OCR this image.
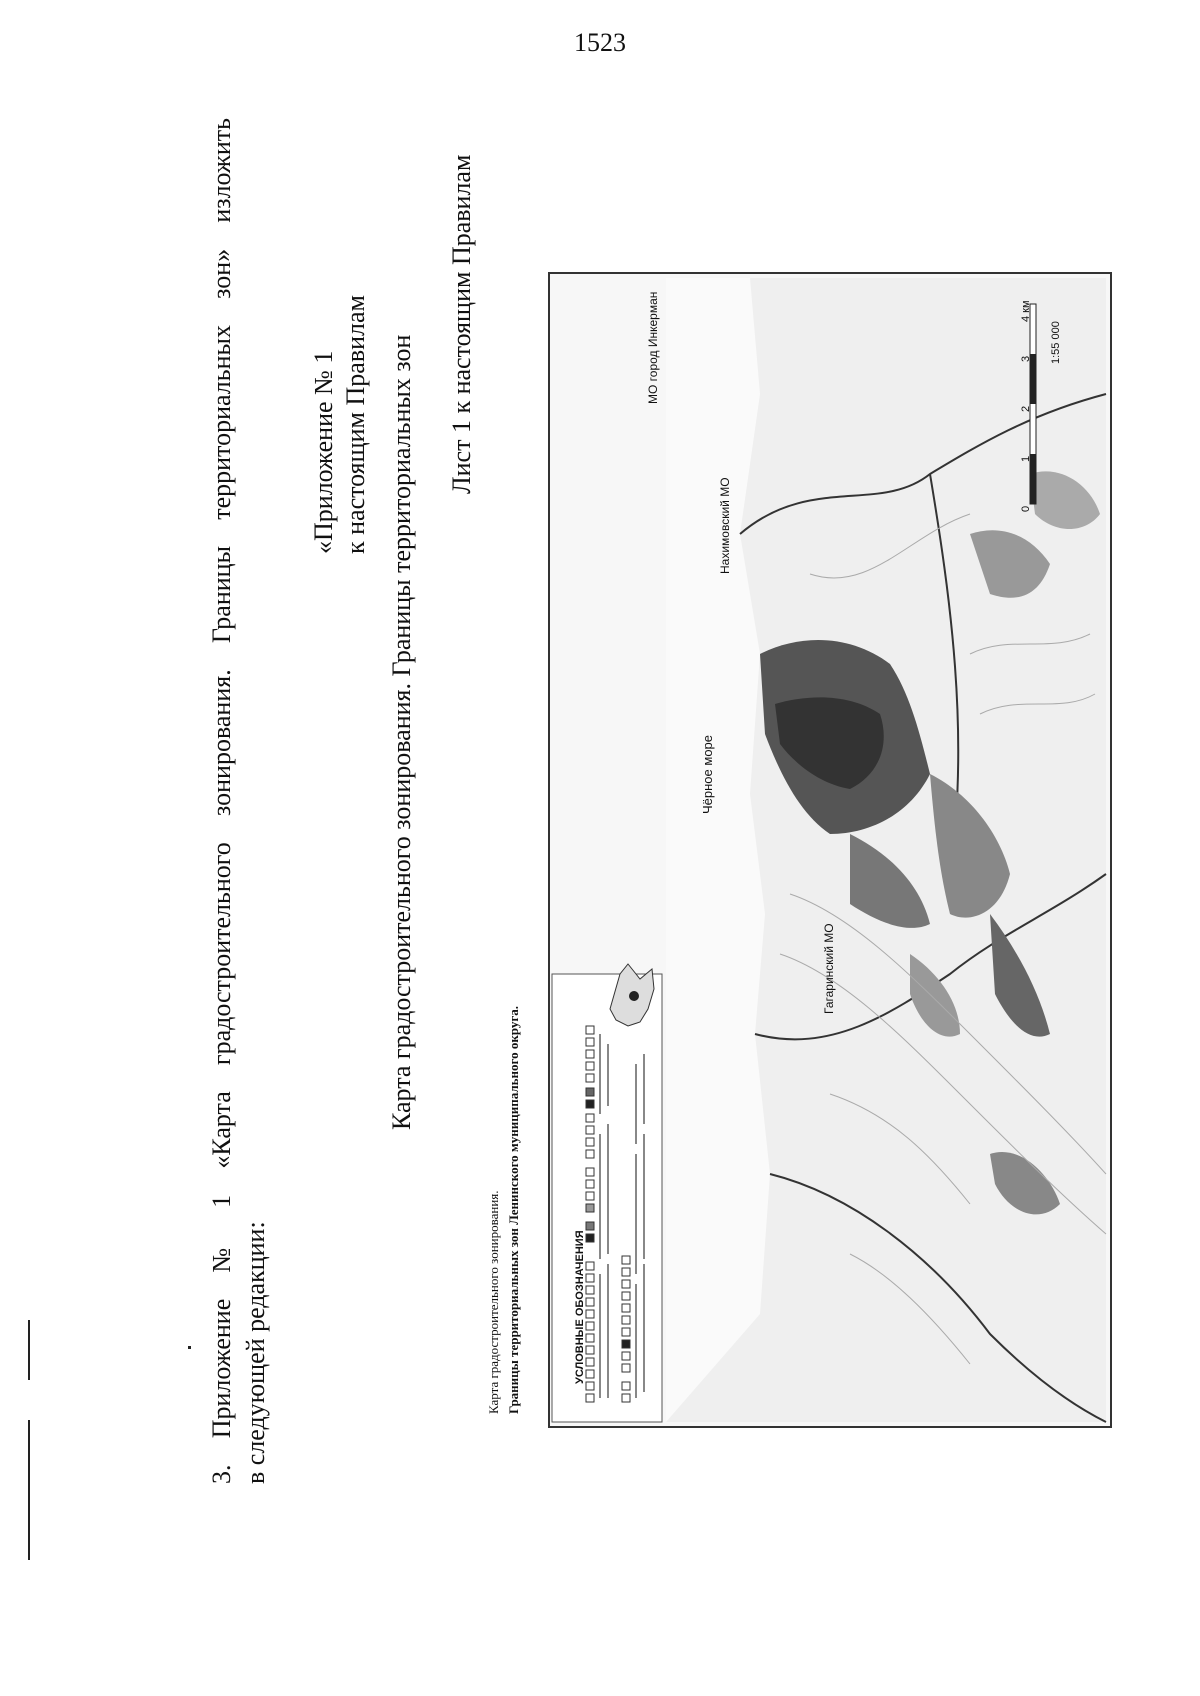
1523
3. Приложение № 1 «Карта градостроительного зонирования. Границы территориальных зон» изложить в следующей редакции:
«Приложение № 1 к настоящим Правилам Карта градостроительного зонирования. Границы территориальных зон
Лист 1 к настоящим Правилам
Карта градостроительного зонирования. Границы территориальных зон Ленинского муниципального округа.	УСЛОВНЫЕ ОБОЗНАЧЕНИЯ
Чёрное море
МО город Инкерман
Нахимовский МО
Гагаринский МО
0
1
2
3
4 км
1:55 000
